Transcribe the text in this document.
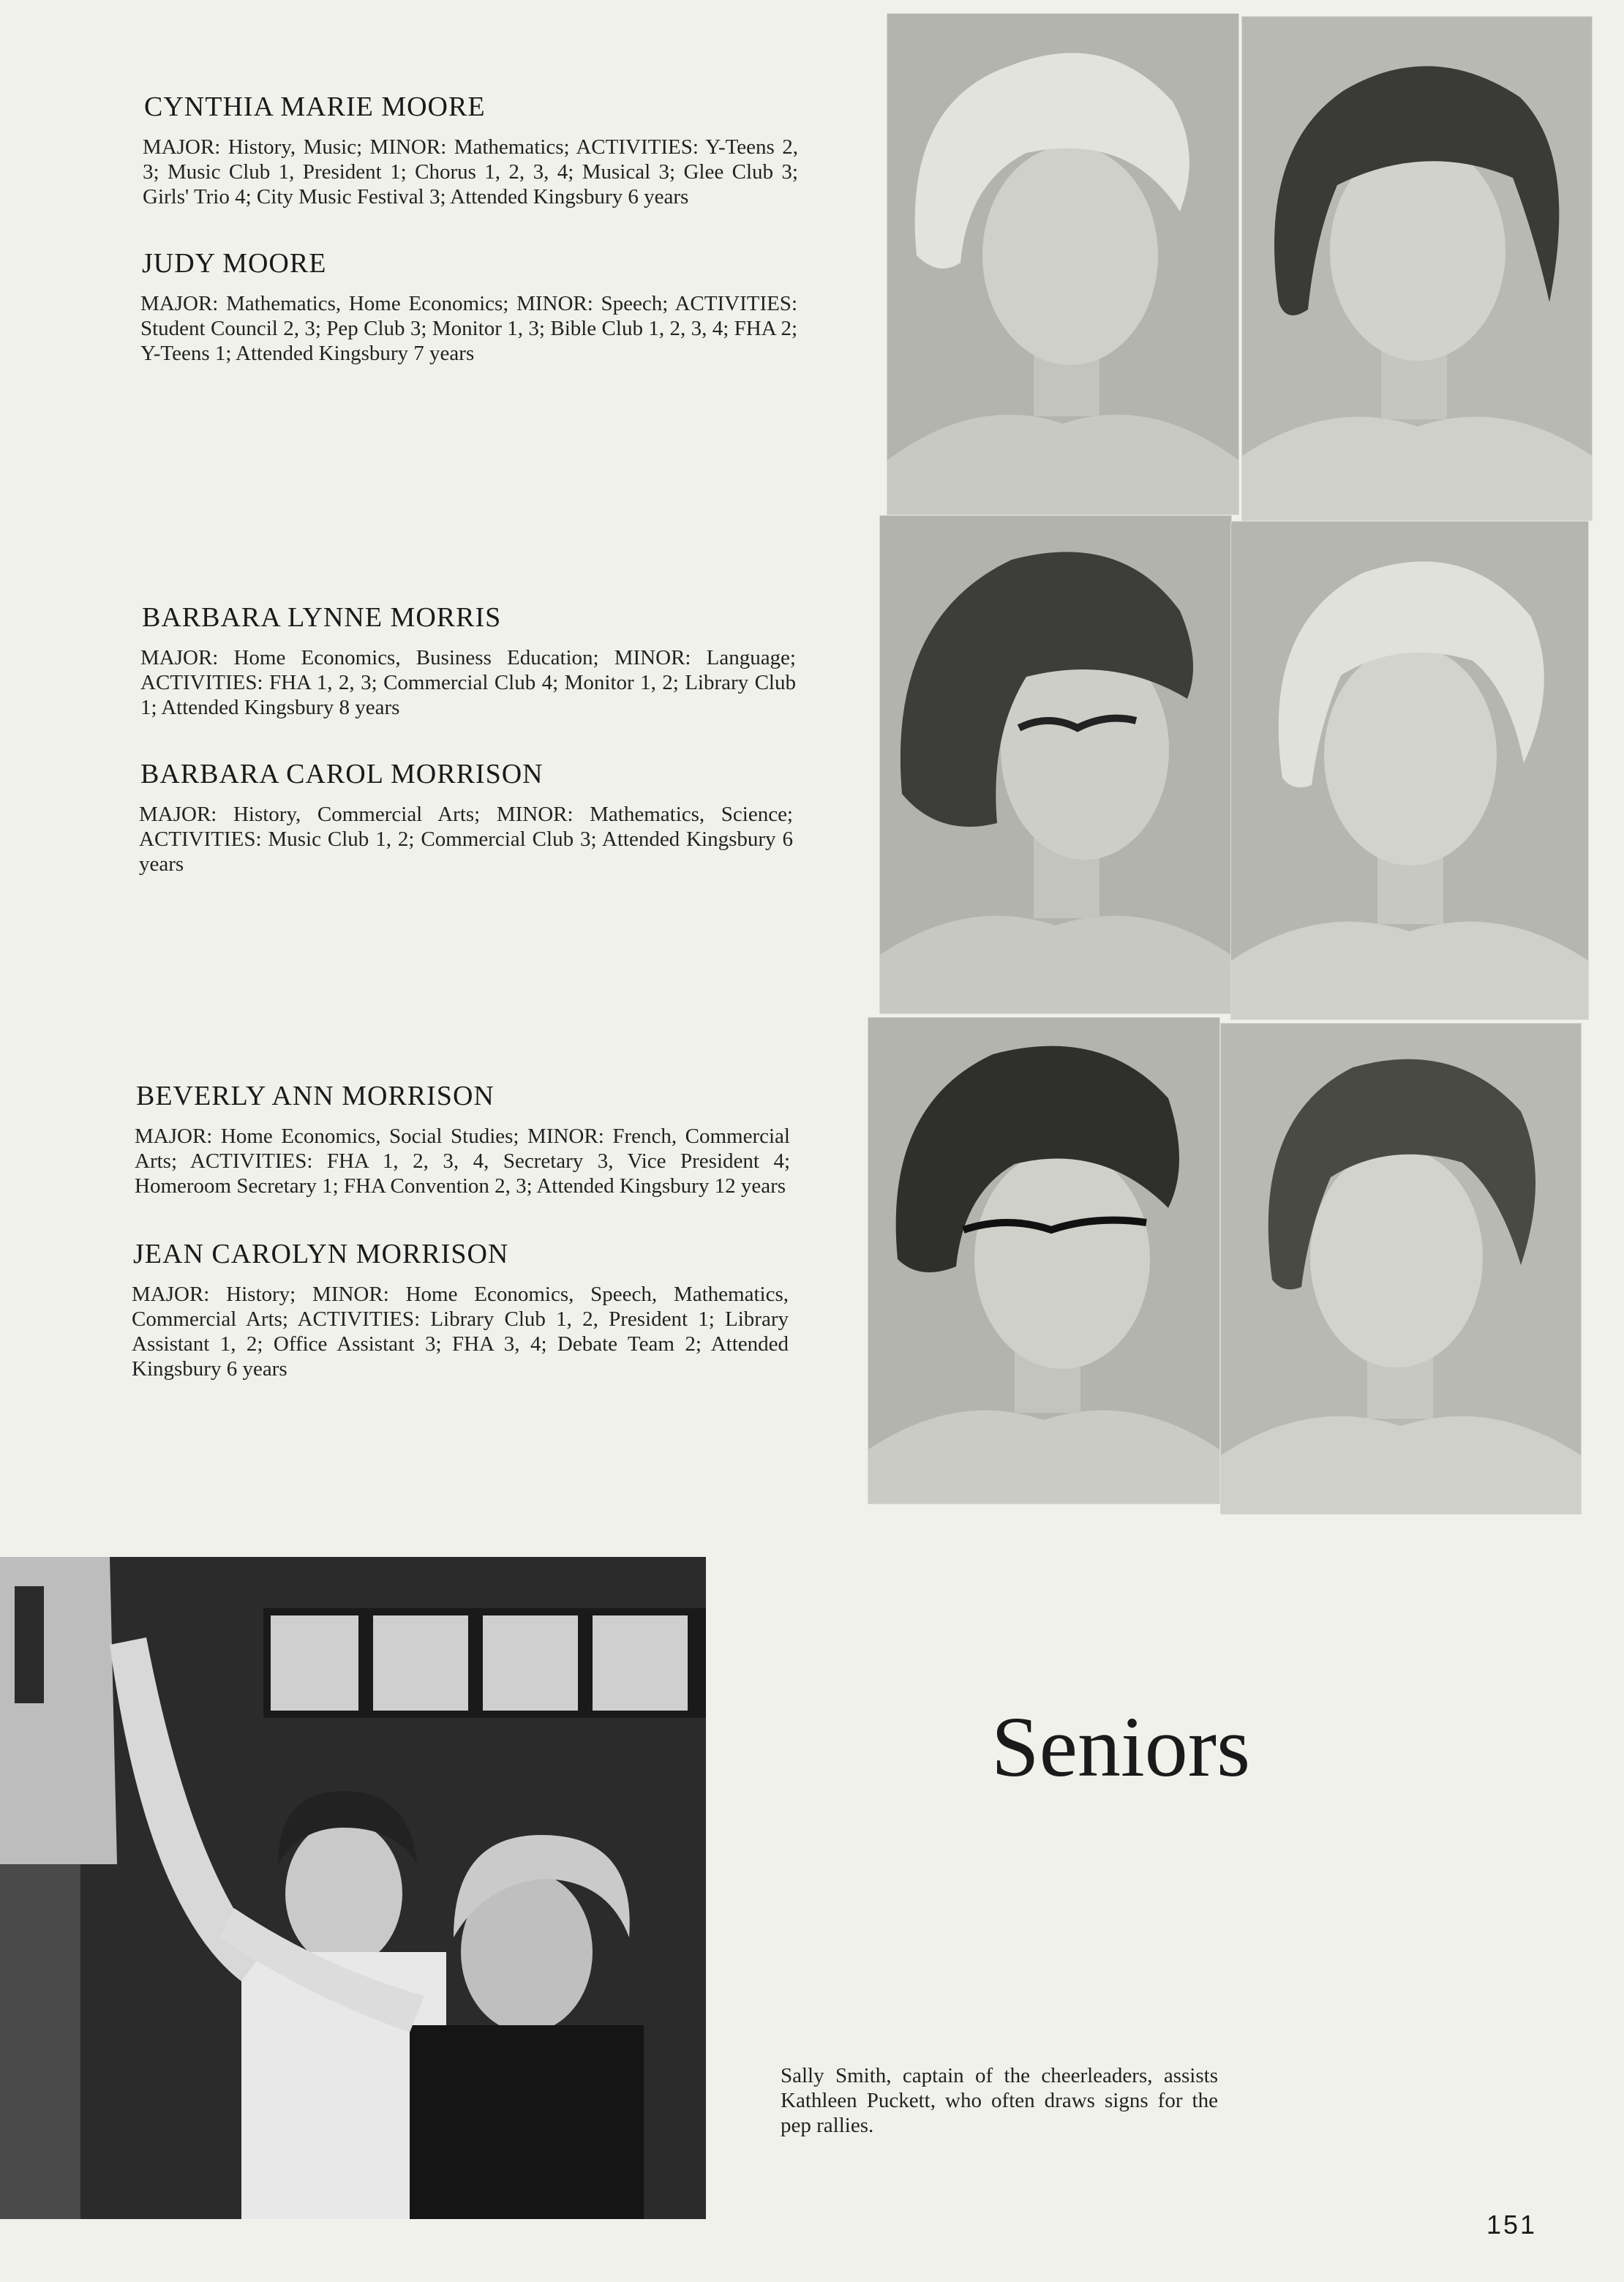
CYNTHIA MARIE MOORE
MAJOR: History, Music; MINOR: Mathematics; ACTIVITIES: Y-Teens 2, 3; Music Club 1, President 1; Chorus 1, 2, 3, 4; Musical 3; Glee Club 3; Girls' Trio 4; City Music Festival 3; Attended Kingsbury 6 years
JUDY MOORE
MAJOR: Mathematics, Home Economics; MINOR: Speech; ACTIVITIES: Student Council 2, 3; Pep Club 3; Monitor 1, 3; Bible Club 1, 2, 3, 4; FHA 2; Y-Teens 1; Attended Kingsbury 7 years
BARBARA LYNNE MORRIS
MAJOR: Home Economics, Business Education; MINOR: Language; ACTIVITIES: FHA 1, 2, 3; Commercial Club 4; Monitor 1, 2; Library Club 1; Attended Kingsbury 8 years
BARBARA CAROL MORRISON
MAJOR: History, Commercial Arts; MINOR: Mathematics, Science; ACTIVITIES: Music Club 1, 2; Commercial Club 3; Attended Kingsbury 6 years
BEVERLY ANN MORRISON
MAJOR: Home Economics, Social Studies; MINOR: French, Commercial Arts; ACTIVITIES: FHA 1, 2, 3, 4, Secretary 3, Vice President 4; Homeroom Secretary 1; FHA Convention 2, 3; Attended Kingsbury 12 years
JEAN CAROLYN MORRISON
MAJOR: History; MINOR: Home Economics, Speech, Mathematics, Commercial Arts; ACTIVITIES: Library Club 1, 2, President 1; Library Assistant 1, 2; Office Assistant 3; FHA 3, 4; Debate Team 2; Attended Kingsbury 6 years
Seniors
Sally Smith, captain of the cheerleaders, assists Kathleen Puckett, who often draws signs for the pep rallies.
151
